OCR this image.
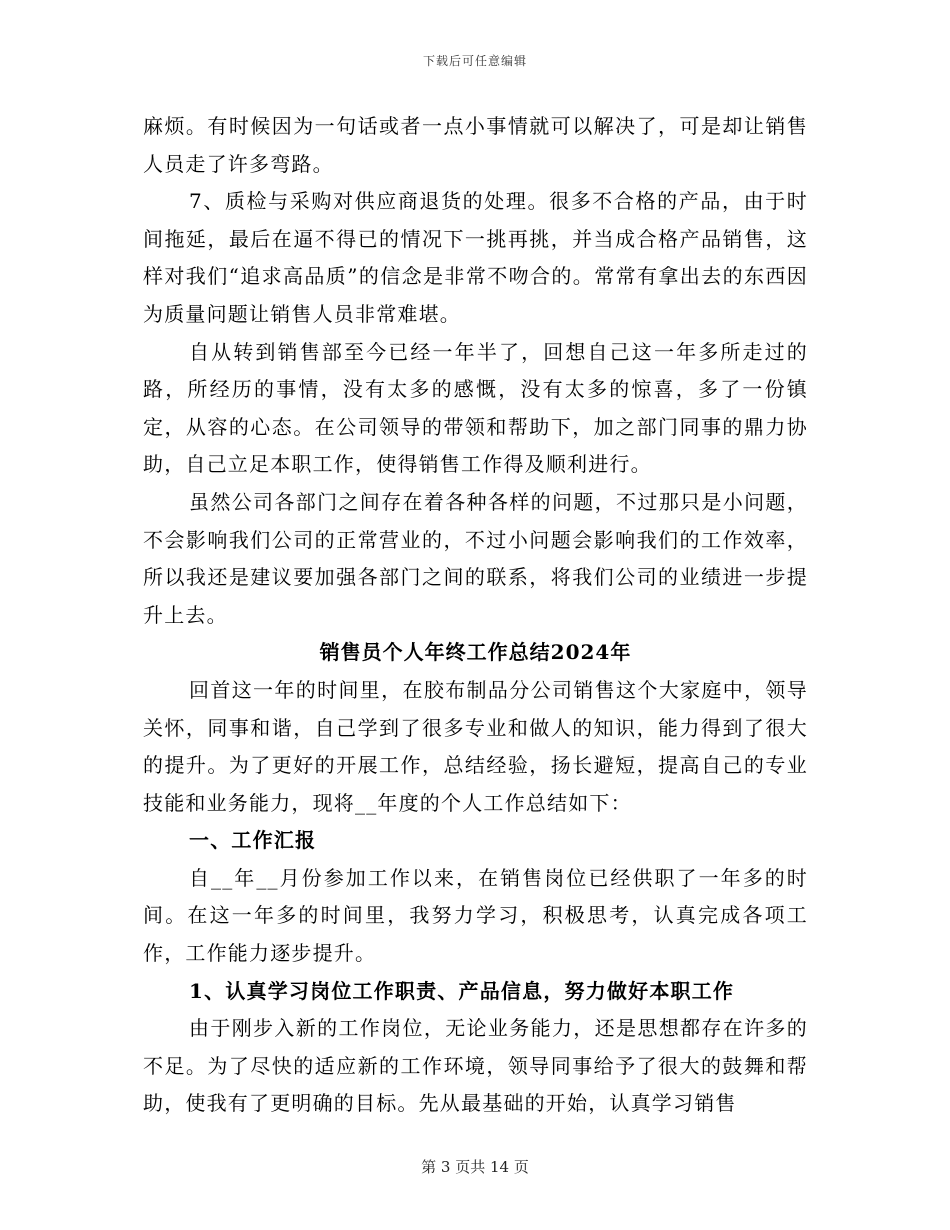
下载后可任意编辑

麻烦。有时候因为一句话或者一点小事情就可以解决了，可是却让销售人员走了许多弯路。

7、质检与采购对供应商退货的处理。很多不合格的产品，由于时间拖延，最后在逼不得已的情况下一挑再挑，并当成合格产品销售，这样对我们“追求高品质”的信念是非常不吻合的。常常有拿出去的东西因为质量问题让销售人员非常难堪。

自从转到销售部至今已经一年半了，回想自己这一年多所走过的路，所经历的事情，没有太多的感慨，没有太多的惊喜，多了一份镇定，从容的心态。在公司领导的带领和帮助下，加之部门同事的鼎力协助，自己立足本职工作，使得销售工作得及顺利进行。

虽然公司各部门之间存在着各种各样的问题，不过那只是小问题，不会影响我们公司的正常营业的，不过小问题会影响我们的工作效率，所以我还是建议要加强各部门之间的联系，将我们公司的业绩进一步提升上去。

销售员个人年终工作总结2024年

回首这一年的时间里，在胶布制品分公司销售这个大家庭中，领导关怀，同事和谐，自己学到了很多专业和做人的知识，能力得到了很大的提升。为了更好的开展工作，总结经验，扬长避短，提高自己的专业技能和业务能力，现将__年度的个人工作总结如下：

一、工作汇报

自__年__月份参加工作以来，在销售岗位已经供职了一年多的时间。在这一年多的时间里，我努力学习，积极思考，认真完成各项工作，工作能力逐步提升。

1、认真学习岗位工作职责、产品信息，努力做好本职工作

由于刚步入新的工作岗位，无论业务能力，还是思想都存在许多的不足。为了尽快的适应新的工作环境，领导同事给予了很大的鼓舞和帮助，使我有了更明确的目标。先从最基础的开始，认真学习销售

第 3 页共 14 页
